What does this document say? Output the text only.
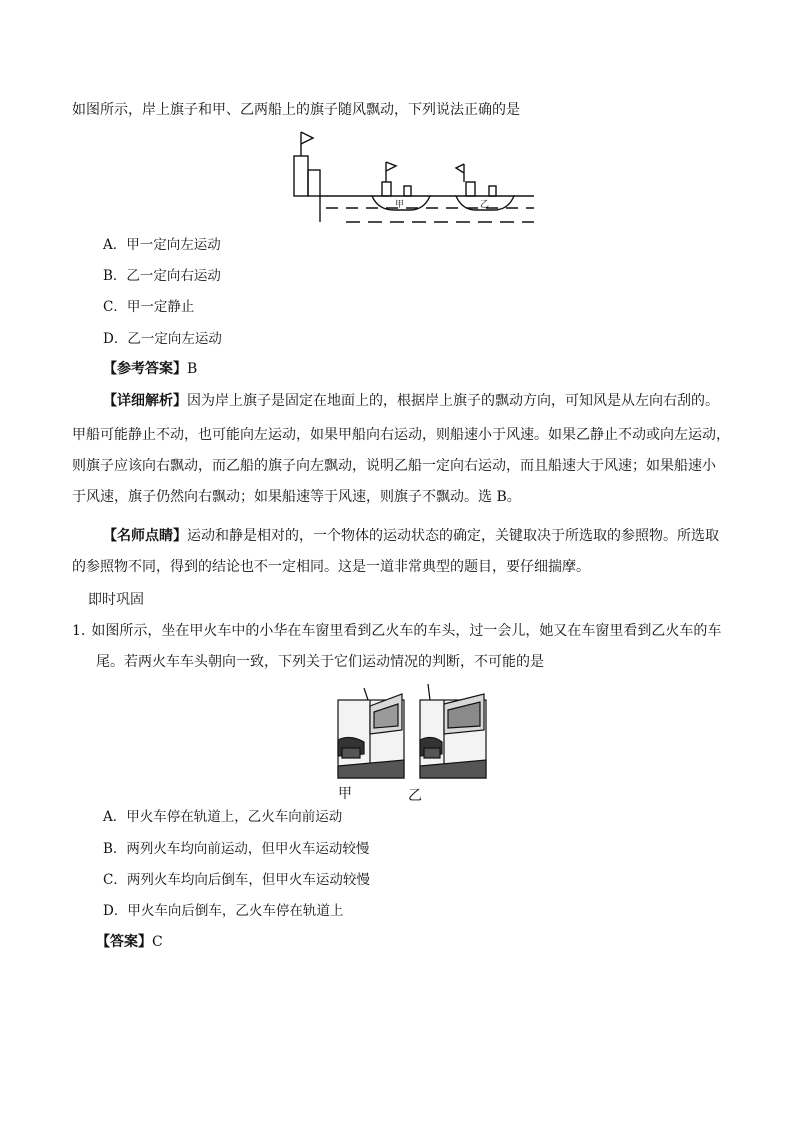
如图所示，岸上旗子和甲、乙两船上的旗子随风飘动，下列说法正确的是
甲	乙
A．甲一定向左运动
B．乙一定向右运动
C．甲一定静止
D．乙一定向左运动
【参考答案】B
【详细解析】因为岸上旗子是固定在地面上的，根据岸上旗子的飘动方向，可知风是从左向右刮的。
甲船可能静止不动，也可能向左运动，如果甲船向右运动，则船速小于风速。如果乙静止不动或向左运动，
则旗子应该向右飘动，而乙船的旗子向左飘动，说明乙船一定向右运动，而且船速大于风速；如果船速小
于风速，旗子仍然向右飘动；如果船速等于风速，则旗子不飘动。选 B。
【名师点睛】运动和静是相对的，一个物体的运动状态的确定，关键取决于所选取的参照物。所选取
的参照物不同，得到的结论也不一定相同。这是一道非常典型的题目，要仔细揣摩。
即时巩固
1. 如图所示，坐在甲火车中的小华在车窗里看到乙火车的车头，过一会儿，她又在车窗里看到乙火车的车
尾。若两火车车头朝向一致，下列关于它们运动情况的判断，不可能的是
甲	乙
A．甲火车停在轨道上，乙火车向前运动
B．两列火车均向前运动，但甲火车运动较慢
C．两列火车均向后倒车，但甲火车运动较慢
D．甲火车向后倒车，乙火车停在轨道上
【答案】C
